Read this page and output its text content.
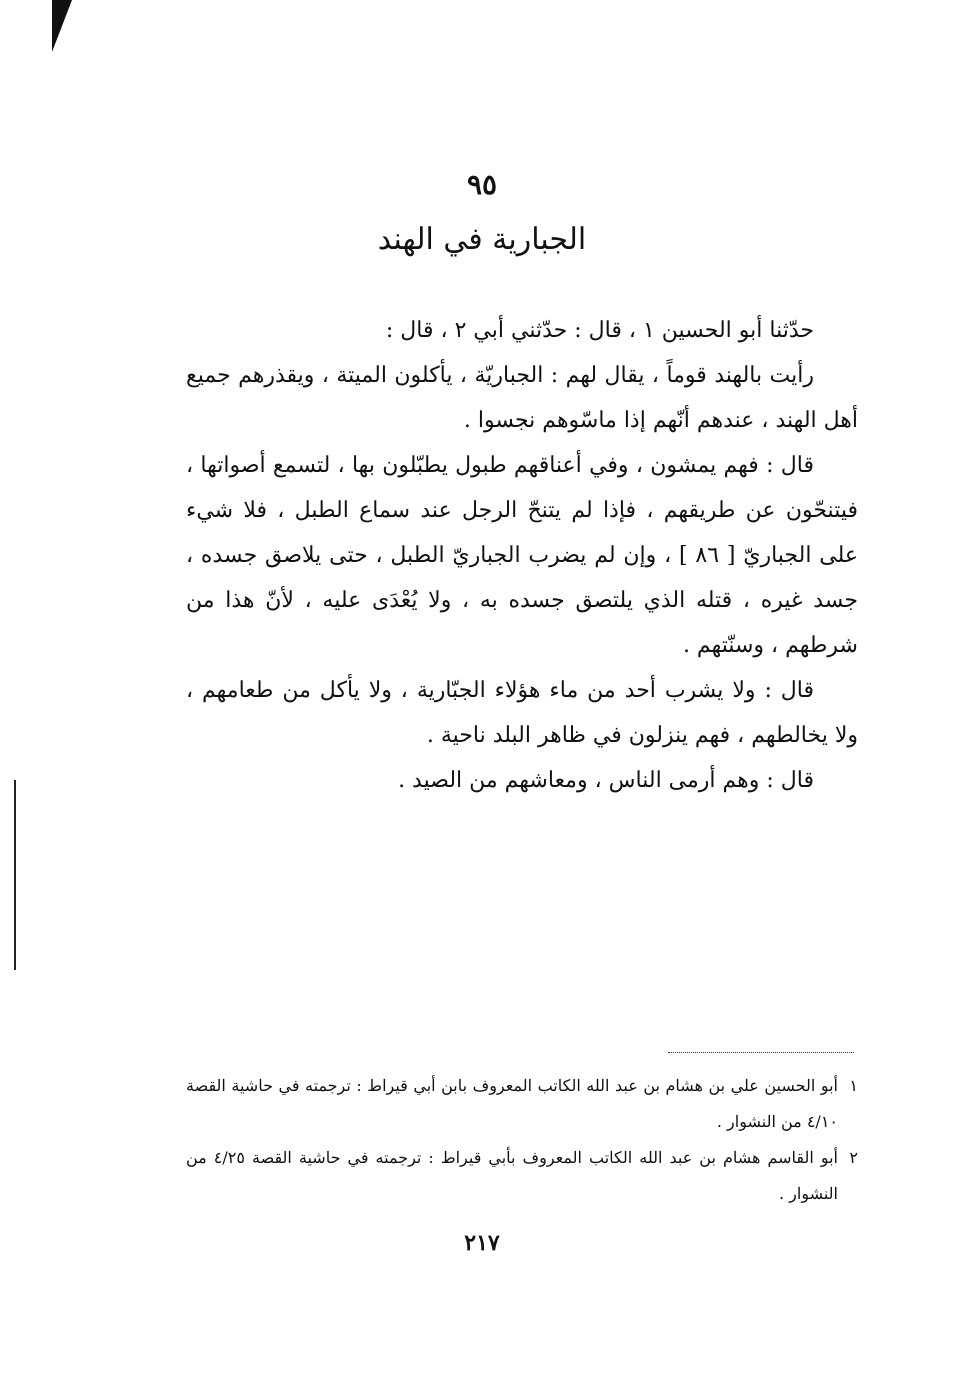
٩٥
الجبارية في الهند

حدّثنا أبو الحسين ١ ، قال : حدّثني أبي ٢ ، قال :

رأيت بالهند قوماً ، يقال لهم : الجباريّة ، يأكلون الميتة ، ويقذرهم جميع أهل الهند ، عندهم أنّهم إذا ماسّوهم نجسوا .

قال : فهم يمشون ، وفي أعناقهم طبول يطبّلون بها ، لتسمع أصواتها ، فيتنحّون عن طريقهم ، فإذا لم يتنحّ الرجل عند سماع الطبل ، فلا شيء على الجباريّ [ ٨٦ ] ، وإن لم يضرب الجباريّ الطبل ، حتى يلاصق جسده ، جسد غيره ، قتله الذي يلتصق جسده به ، ولا يُعْدَى عليه ، لأنّ هذا من شرطهم ، وسنّتهم .

قال : ولا يشرب أحد من ماء هؤلاء الجبّارية ، ولا يأكل من طعامهم ، ولا يخالطهم ، فهم ينزلون في ظاهر البلد ناحية .

قال : وهم أرمى الناس ، ومعاشهم من الصيد .

١
أبو الحسين علي بن هشام بن عبد الله الكاتب المعروف بابن أبي قيراط : ترجمته في حاشية القصة ٤/١٠ من النشوار .

٢
أبو القاسم هشام بن عبد الله الكاتب المعروف بأبي قيراط : ترجمته في حاشية القصة ٤/٢٥ من النشوار .

٢١٧
